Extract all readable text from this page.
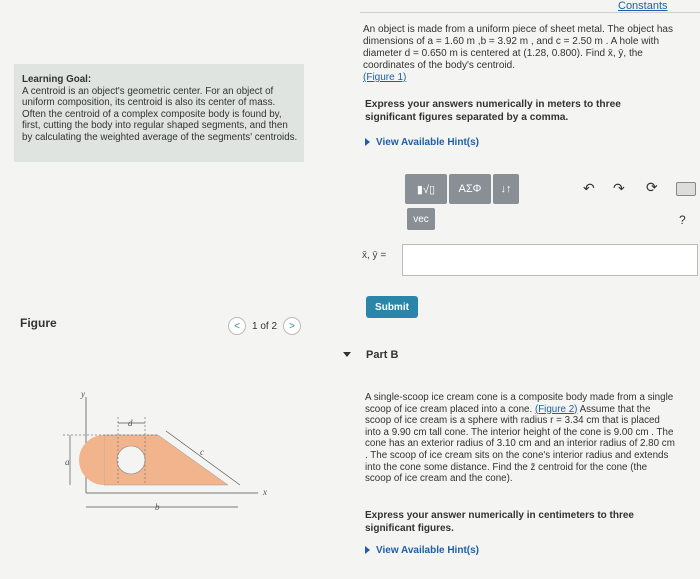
Constants
An object is made from a uniform piece of sheet metal. The object has dimensions of a = 1.60 m ,b = 3.92 m , and c = 2.50 m . A hole with diameter d = 0.650 m is centered at (1.28, 0.800). Find x̄, ȳ, the coordinates of the body's centroid.
(Figure 1)
Learning Goal:
A centroid is an object's geometric center. For an object of uniform composition, its centroid is also its center of mass. Often the centroid of a complex composite body is found by, first, cutting the body into regular shaped segments, and then by calculating the weighted average of the segments' centroids.
Express your answers numerically in meters to three significant figures separated by a comma.
View Available Hint(s)
▮√▯	ΑΣΦ	↓↑
vec
↶ ↷ ⟳
?
x̄, ȳ =
Submit
Figure	<	1 of 2	>
y
x
d
a
c
b
Part B
A single-scoop ice cream cone is a composite body made from a single scoop of ice cream placed into a cone. (Figure 2) Assume that the scoop of ice cream is a sphere with radius r = 3.34 cm that is placed into a 9.90 cm tall cone. The interior height of the cone is 9.00 cm . The cone has an exterior radius of 3.10 cm and an interior radius of 2.80 cm . The scoop of ice cream sits on the cone's interior radius and extends into the cone some distance. Find the z̄ centroid for the cone (the scoop of ice cream and the cone).
Express your answer numerically in centimeters to three significant figures.
View Available Hint(s)
